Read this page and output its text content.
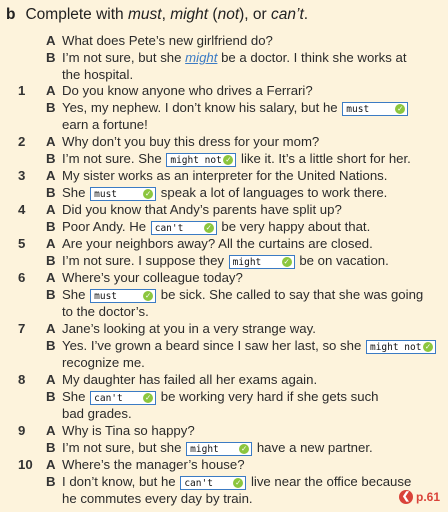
b Complete with must, might (not), or can’t.
A What does Pete’s new girlfriend do?
B I’m not sure, but she might be a doctor. I think she works at
the hospital.
1	A Do you know anyone who drives a Ferrari?
B Yes, my nephew. I don’t know his salary, but he must	✓
earn a fortune!
2	A Why don’t you buy this dress for your mom?
B I’m not sure. She might not ✓ like it. It’s a little short for her.
3	A My sister works as an interpreter for the United Nations.
B She must	✓ speak a lot of languages to work there.
4	A Did you know that Andy’s parents have split up?
B Poor Andy. He can't	✓ be very happy about that.
5	A Are your neighbors away? All the curtains are closed.
B I’m not sure. I suppose they might	✓ be on vacation.
6	A Where’s your colleague today?
B She must	✓ be sick. She called to say that she was going
to the doctor’s.
7	A Jane’s looking at you in a very strange way.
B Yes. I’ve grown a beard since I saw her last, so she might not ✓
recognize me.
8	A My daughter has failed all her exams again.
B She can't	✓ be working very hard if she gets such
bad grades.
9	A Why is Tina so happy?
B I’m not sure, but she might	✓ have a new partner.
10	A Where’s the manager’s house?
B I don’t know, but he can't	✓ live near the office because
he commutes every day by train.	❮ p.61
